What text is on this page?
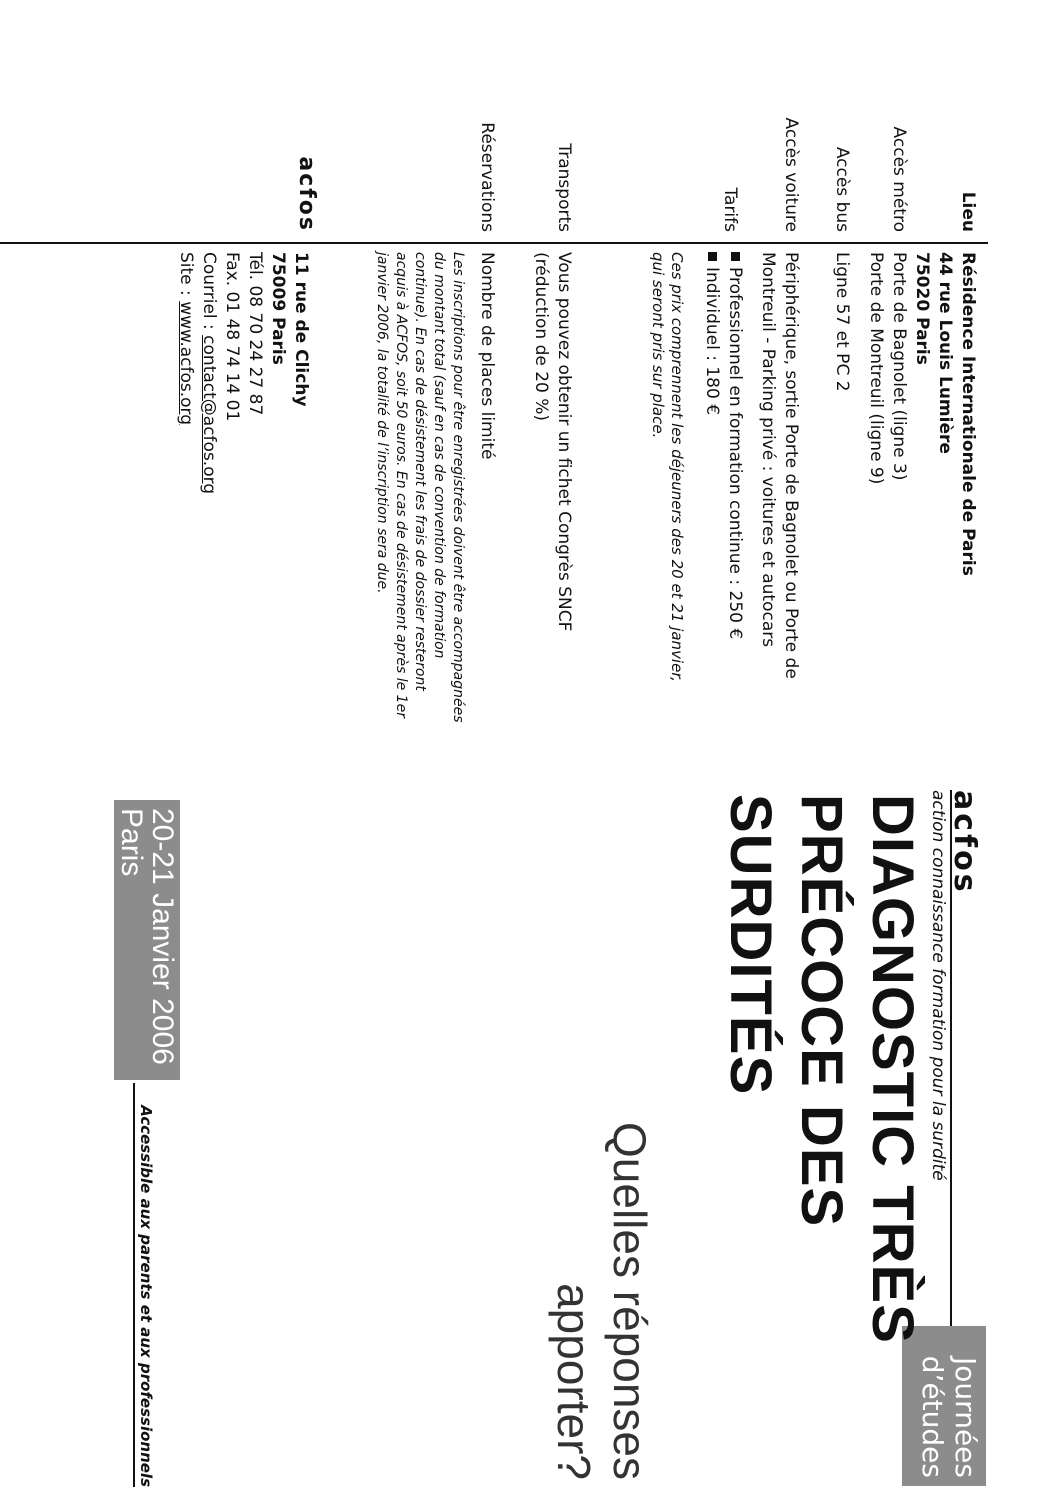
Lieu
Résidence Internationale de Paris
44 rue Louis Lumière
75020 Paris
Accès métro
Porte de Bagnolet (ligne 3)
Porte de Montreuil (ligne 9)
Accès bus
Ligne 57 et PC 2
Accès voiture
Périphérique, sortie Porte de Bagnolet ou Porte de
Montreuil - Parking privé : voitures et autocars
Tarifs
Professionnel en formation continue : 250 €
Individuel : 180 €
Ces prix comprennent les déjeuners des 20 et 21 janvier,
qui seront pris sur place.
Transports
Vous pouvez obtenir un fichet Congrès SNCF
(réduction de 20 %)
Réservations
Nombre de places limité
Les inscriptions pour être enregistrées doivent être accompagnées
du montant total (sauf en cas de convention de formation
continue). En cas de désistement les frais de dossier resteront
acquis à ACFOS, soit 50 euros. En cas de désistement après le 1er
janvier 2006, la totalité de l’inscription sera due.
acfos
11 rue de Clichy
75009 Paris
Tél. 08 70 24 27 87
Fax. 01 48 74 14 01
Courriel : contact@acfos.org
Site : www.acfos.org
acfos
action connaissance formation pour la surdité
Journées
d’études
DIAGNOSTIC TRÈS
PRÉCOCE DES
SURDITÉS
Quelles réponses
apporter?
20-21 Janvier 2006
Paris
Accessible aux parents et aux professionnels
